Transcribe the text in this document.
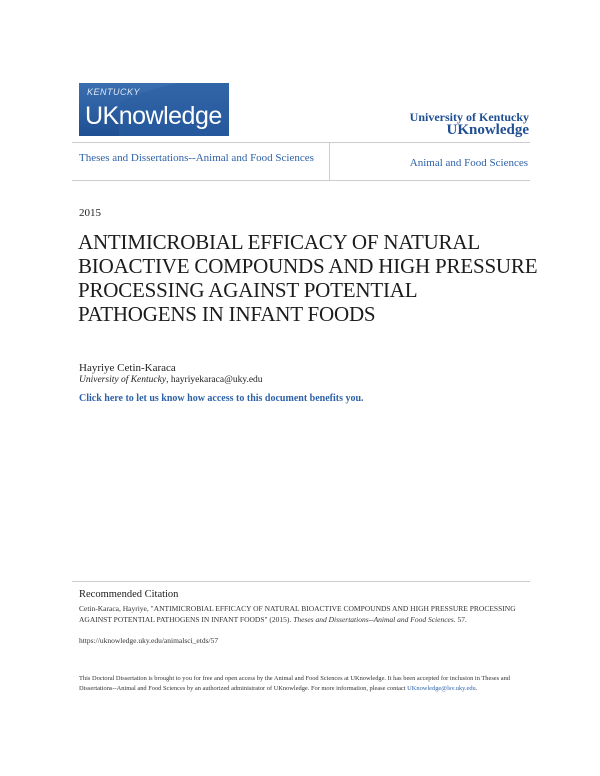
KENTUCKY
UKnowledge	University of Kentucky
UKnowledge
Theses and Dissertations--Animal and Food Sciences	Animal and Food Sciences
2015
ANTIMICROBIAL EFFICACY OF NATURAL BIOACTIVE COMPOUNDS AND HIGH PRESSURE PROCESSING AGAINST POTENTIAL PATHOGENS IN INFANT FOODS
Hayriye Cetin-Karaca
University of Kentucky, hayriyekaraca@uky.edu
Click here to let us know how access to this document benefits you.
Recommended Citation
Cetin-Karaca, Hayriye, "ANTIMICROBIAL EFFICACY OF NATURAL BIOACTIVE COMPOUNDS AND HIGH PRESSURE PROCESSING AGAINST POTENTIAL PATHOGENS IN INFANT FOODS" (2015). Theses and Dissertations--Animal and Food Sciences. 57.
https://uknowledge.uky.edu/animalsci_etds/57
This Doctoral Dissertation is brought to you for free and open access by the Animal and Food Sciences at UKnowledge. It has been accepted for inclusion in Theses and Dissertations--Animal and Food Sciences by an authorized administrator of UKnowledge. For more information, please contact UKnowledge@lsv.uky.edu.
